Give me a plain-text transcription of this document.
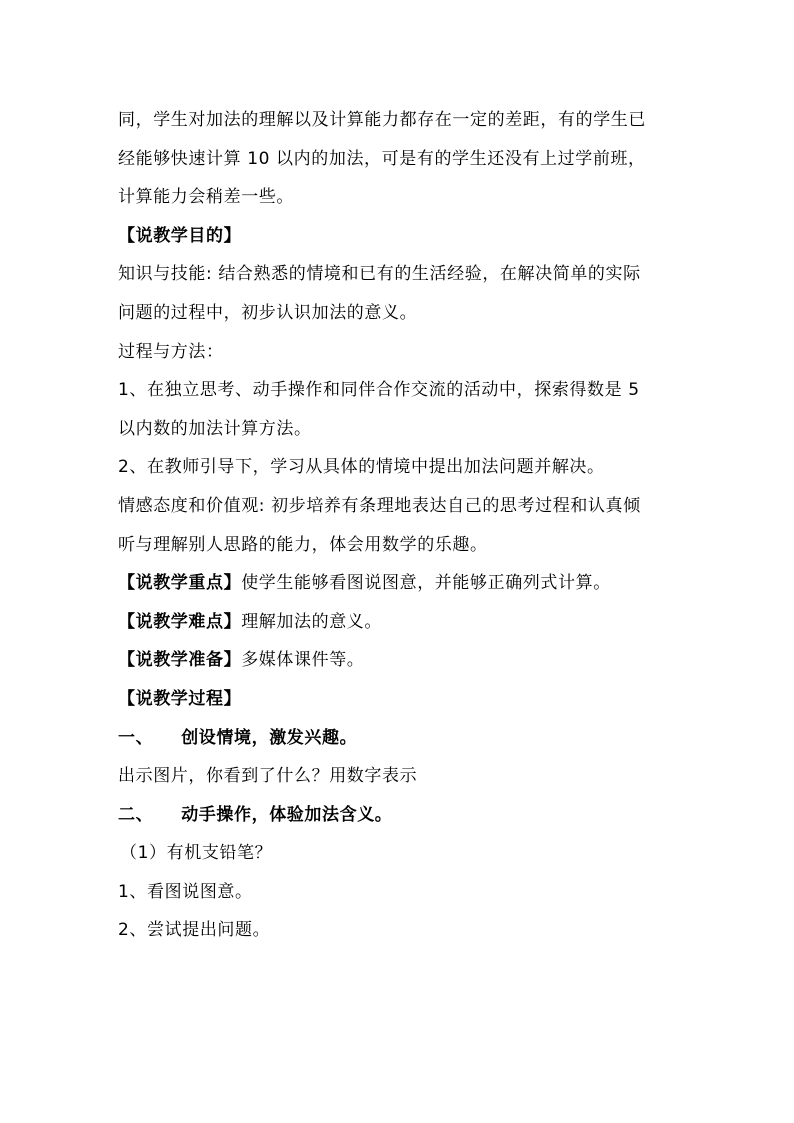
同，学生对加法的理解以及计算能力都存在一定的差距，有的学生已
经能够快速计算 10 以内的加法，可是有的学生还没有上过学前班，
计算能力会稍差一些。
【说教学目的】
知识与技能: 结合熟悉的情境和已有的生活经验，在解决简单的实际
问题的过程中，初步认识加法的意义。
过程与方法：
1、在独立思考、动手操作和同伴合作交流的活动中，探索得数是 5
以内数的加法计算方法。
2、在教师引导下，学习从具体的情境中提出加法问题并解决。
情感态度和价值观: 初步培养有条理地表达自己的思考过程和认真倾
听与理解别人思路的能力，体会用数学的乐趣。
【说教学重点】使学生能够看图说图意，并能够正确列式计算。
【说教学难点】理解加法的意义。
【说教学准备】多媒体课件等。
【说教学过程】
一、 创设情境，激发兴趣。
出示图片，你看到了什么？用数字表示
二、 动手操作，体验加法含义。
（1）有机支铅笔？
1、看图说图意。
2、尝试提出问题。
